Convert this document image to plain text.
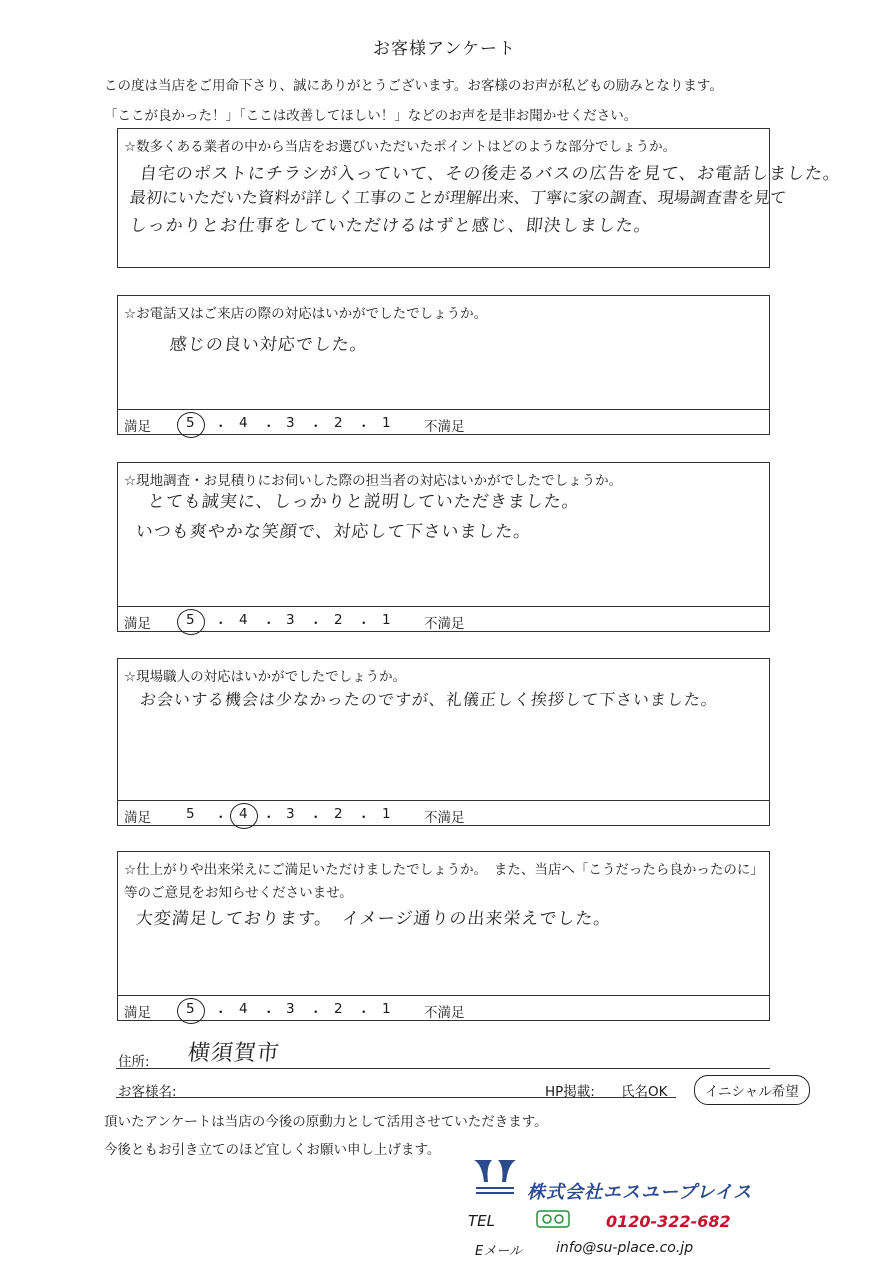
お客様アンケート
この度は当店をご用命下さり、誠にありがとうございます。お客様のお声が私どもの励みとなります。
「ここが良かった！」「ここは改善してほしい！」などのお声を是非お聞かせください。
☆数多くある業者の中から当店をお選びいただいたポイントはどのような部分でしょうか。
自宅のポストにチラシが入っていて、その後走るバスの広告を見て、お電話しました。
最初にいただいた資料が詳しく工事のことが理解出来、丁寧に家の調査、現場調査書を見て
しっかりとお仕事をしていただけるはずと感じ、即決しました。
☆お電話又はご来店の際の対応はいかがでしたでしょうか。
感じの良い対応でした。
満足	5 ・ 4 ・ 3 ・ 2 ・ 1 不満足
☆現地調査・お見積りにお伺いした際の担当者の対応はいかがでしたでしょうか。
とても誠実に、しっかりと説明していただきました。
いつも爽やかな笑顔で、対応して下さいました。
満足	5 ・ 4 ・ 3 ・ 2 ・ 1 不満足
☆現場職人の対応はいかがでしたでしょうか。
お会いする機会は少なかったのですが、礼儀正しく挨拶して下さいました。
満足	5 ・ 4 ・ 3 ・ 2 ・ 1 不満足
☆仕上がりや出来栄えにご満足いただけましたでしょうか。　また、当店へ「こうだったら良かったのに」
等のご意見をお知らせくださいませ。
大変満足しております。　イメージ通りの出来栄えでした。
満足	5 ・ 4 ・ 3 ・ 2 ・ 1 不満足
住所: 横須賀市
お客様名:	HP掲載: 氏名OK	イニシャル希望
頂いたアンケートは当店の今後の原動力として活用させていただきます。
今後ともお引き立てのほど宜しくお願い申し上げます。
株式会社エスユープレイス
TEL	0120-322-682
Eメール info@su-place.co.jp
